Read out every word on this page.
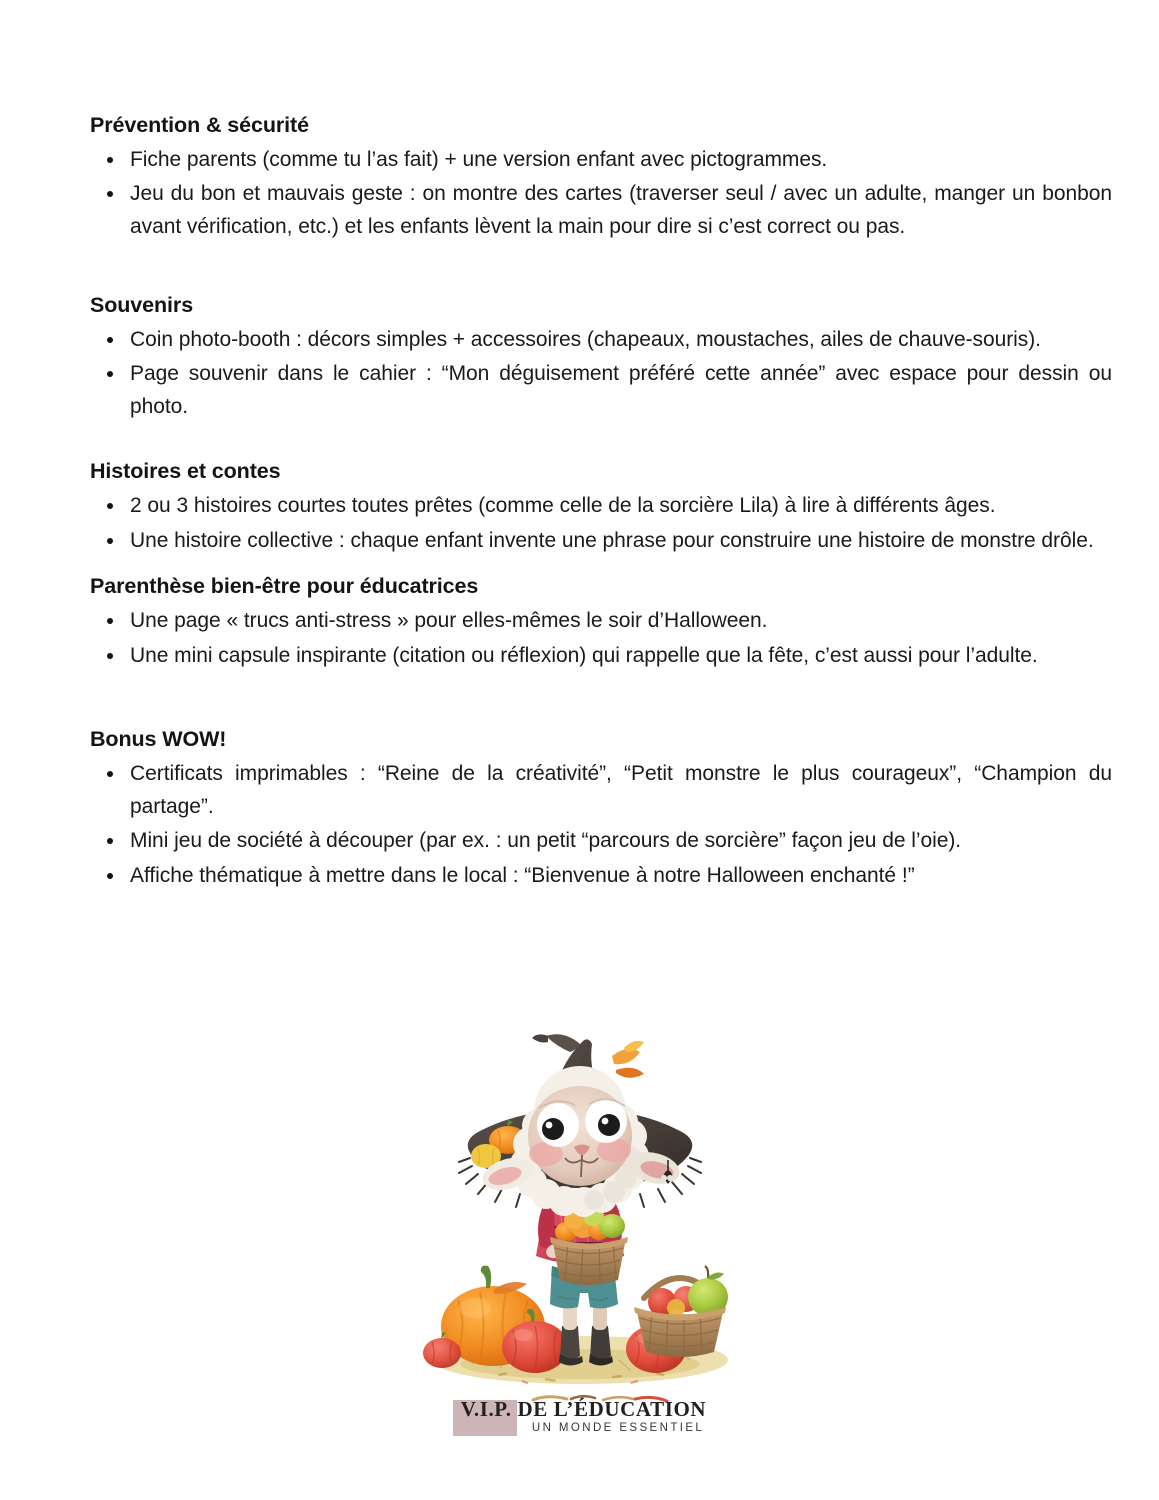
Prévention & sécurité
Fiche parents (comme tu l’as fait) + une version enfant avec pictogrammes.
Jeu du bon et mauvais geste : on montre des cartes (traverser seul / avec un adulte, manger un bonbon avant vérification, etc.) et les enfants lèvent la main pour dire si c’est correct ou pas.
Souvenirs
Coin photo-booth : décors simples + accessoires (chapeaux, moustaches, ailes de chauve-souris).
Page souvenir dans le cahier : “Mon déguisement préféré cette année” avec espace pour dessin ou photo.
Histoires et contes
2 ou 3 histoires courtes toutes prêtes (comme celle de la sorcière Lila) à lire à différents âges.
Une histoire collective : chaque enfant invente une phrase pour construire une histoire de monstre drôle.
Parenthèse bien-être pour éducatrices
Une page « trucs anti-stress » pour elles-mêmes le soir d’Halloween.
Une mini capsule inspirante (citation ou réflexion) qui rappelle que la fête, c’est aussi pour l’adulte.
Bonus WOW!
Certificats imprimables : “Reine de la créativité”, “Petit monstre le plus courageux”, “Champion du partage”.
Mini jeu de société à découper (par ex. : un petit “parcours de sorcière” façon jeu de l’oie).
Affiche thématique à mettre dans le local : “Bienvenue à notre Halloween enchanté !”
V.I.P. DE L’ÉDUCATION
UN MONDE ESSENTIEL
